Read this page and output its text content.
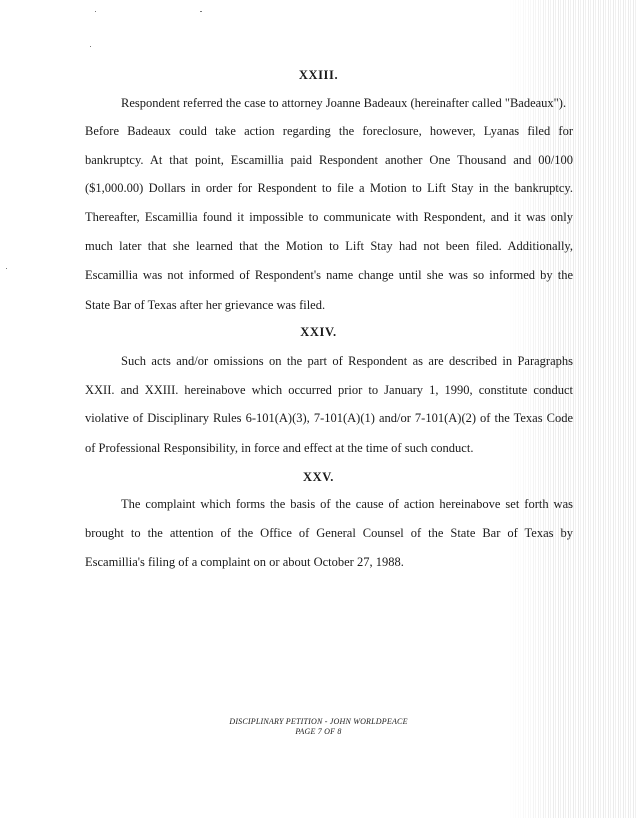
XXIII.

Respondent referred the case to attorney Joanne Badeaux (hereinafter called "Badeaux").

Before Badeaux could take action regarding the foreclosure, however, Lyanas filed for

bankruptcy. At that point, Escamillia paid Respondent another One Thousand and 00/100

($1,000.00) Dollars in order for Respondent to file a Motion to Lift Stay in the bankruptcy.

Thereafter, Escamillia found it impossible to communicate with Respondent, and it was only

much later that she learned that the Motion to Lift Stay had not been filed. Additionally,

Escamillia was not informed of Respondent's name change until she was so informed by the

State Bar of Texas after her grievance was filed.

XXIV.

Such acts and/or omissions on the part of Respondent as are described in Paragraphs

XXII. and XXIII. hereinabove which occurred prior to January 1, 1990, constitute conduct

violative of Disciplinary Rules 6-101(A)(3), 7-101(A)(1) and/or 7-101(A)(2) of the Texas Code

of Professional Responsibility, in force and effect at the time of such conduct.

XXV.

The complaint which forms the basis of the cause of action hereinabove set forth was

brought to the attention of the Office of General Counsel of the State Bar of Texas by

Escamillia's filing of a complaint on or about October 27, 1988.

DISCIPLINARY PETITION - JOHN WORLDPEACE

PAGE 7 OF 8
